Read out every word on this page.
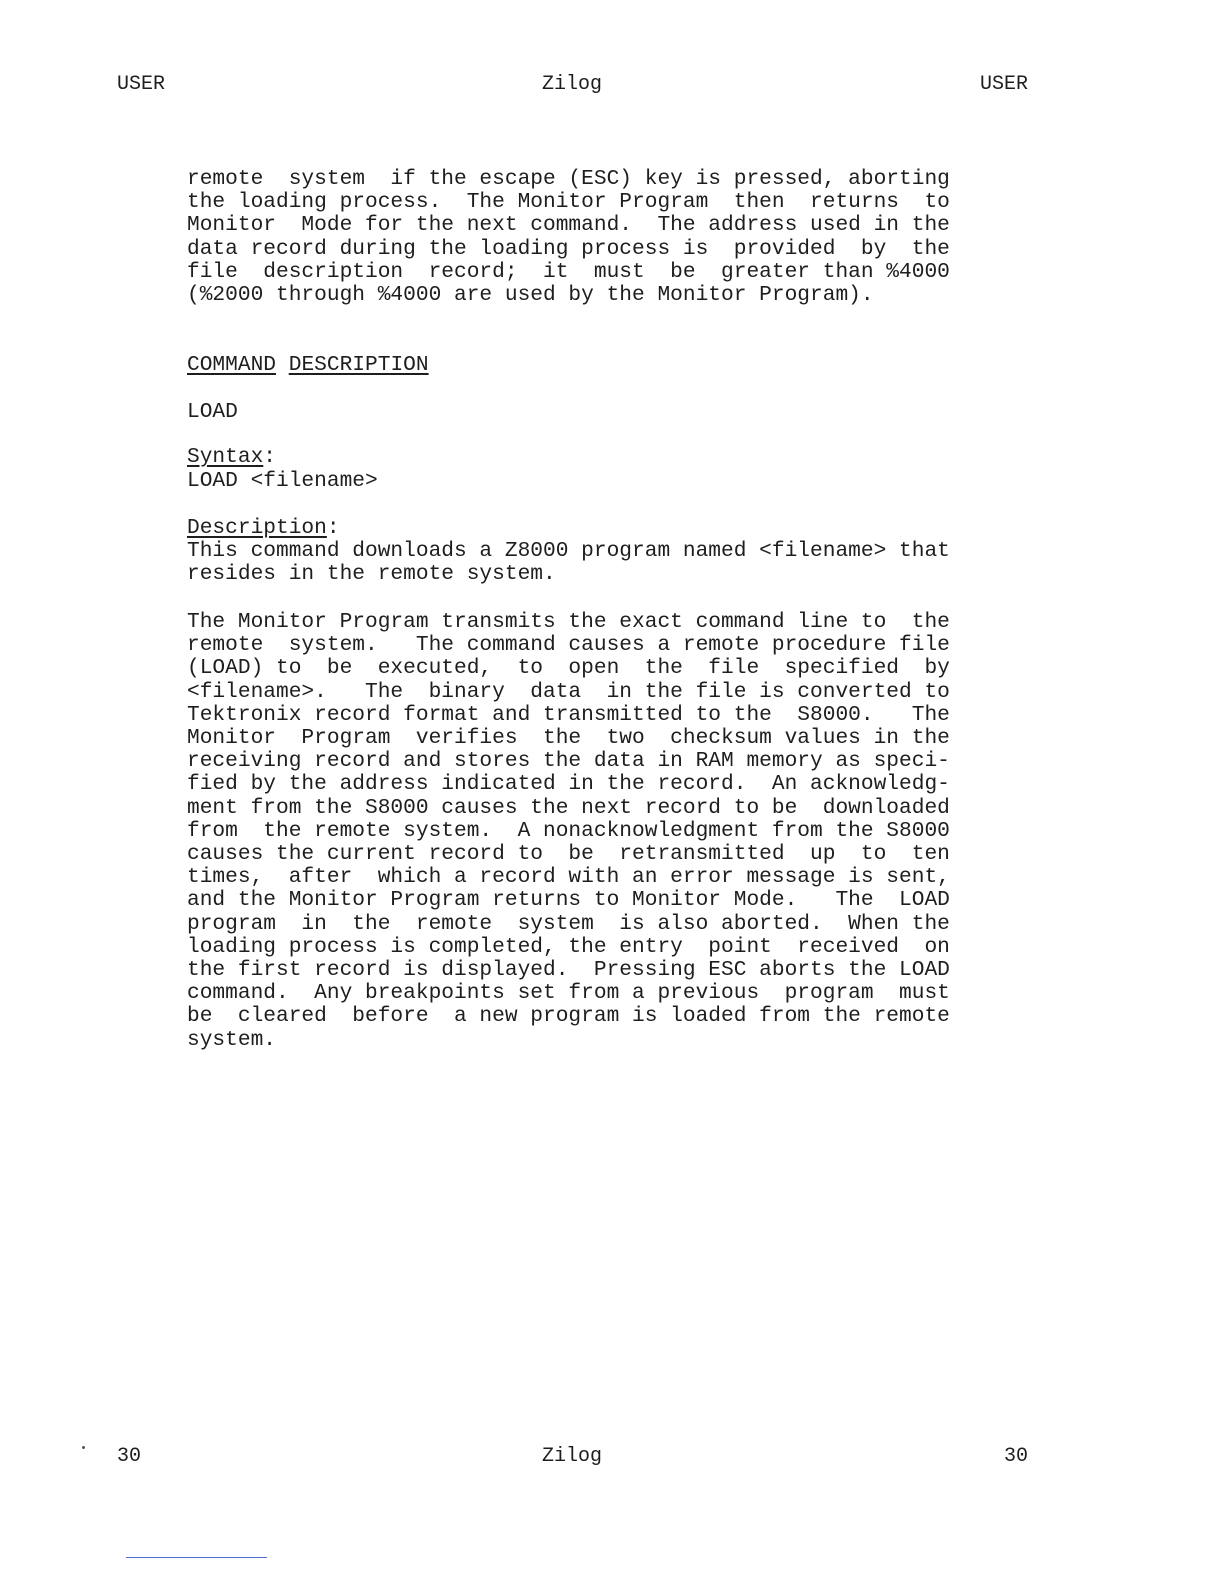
USER	Zilog	USER

remote  system  if the escape (ESC) key is pressed, aborting
the loading process.  The Monitor Program  then  returns  to
Monitor  Mode for the next command.  The address used in the
data record during the loading process is  provided  by  the
file  description  record;  it  must  be  greater than %4000
(%2000 through %4000 are used by the Monitor Program).

COMMAND DESCRIPTION
LOAD
Syntax:
LOAD <filename>
Description:

This command downloads a Z8000 program named <filename> that
resides in the remote system.

The Monitor Program transmits the exact command line to  the
remote  system.   The command causes a remote procedure file
(LOAD) to  be  executed,  to  open  the  file  specified  by
<filename>.   The  binary  data  in the file is converted to
Tektronix record format and transmitted to the  S8000.   The
Monitor  Program  verifies  the  two  checksum values in the
receiving record and stores the data in RAM memory as speci-
fied by the address indicated in the record.  An acknowledg-
ment from the S8000 causes the next record to be  downloaded
from  the remote system.  A nonacknowledgment from the S8000
causes the current record to  be  retransmitted  up  to  ten
times,  after  which a record with an error message is sent,
and the Monitor Program returns to Monitor Mode.   The  LOAD
program  in  the  remote  system  is also aborted.  When the
loading process is completed, the entry  point  received  on
the first record is displayed.  Pressing ESC aborts the LOAD
command.  Any breakpoints set from a previous  program  must
be  cleared  before  a new program is loaded from the remote
system.

30	Zilog	30
